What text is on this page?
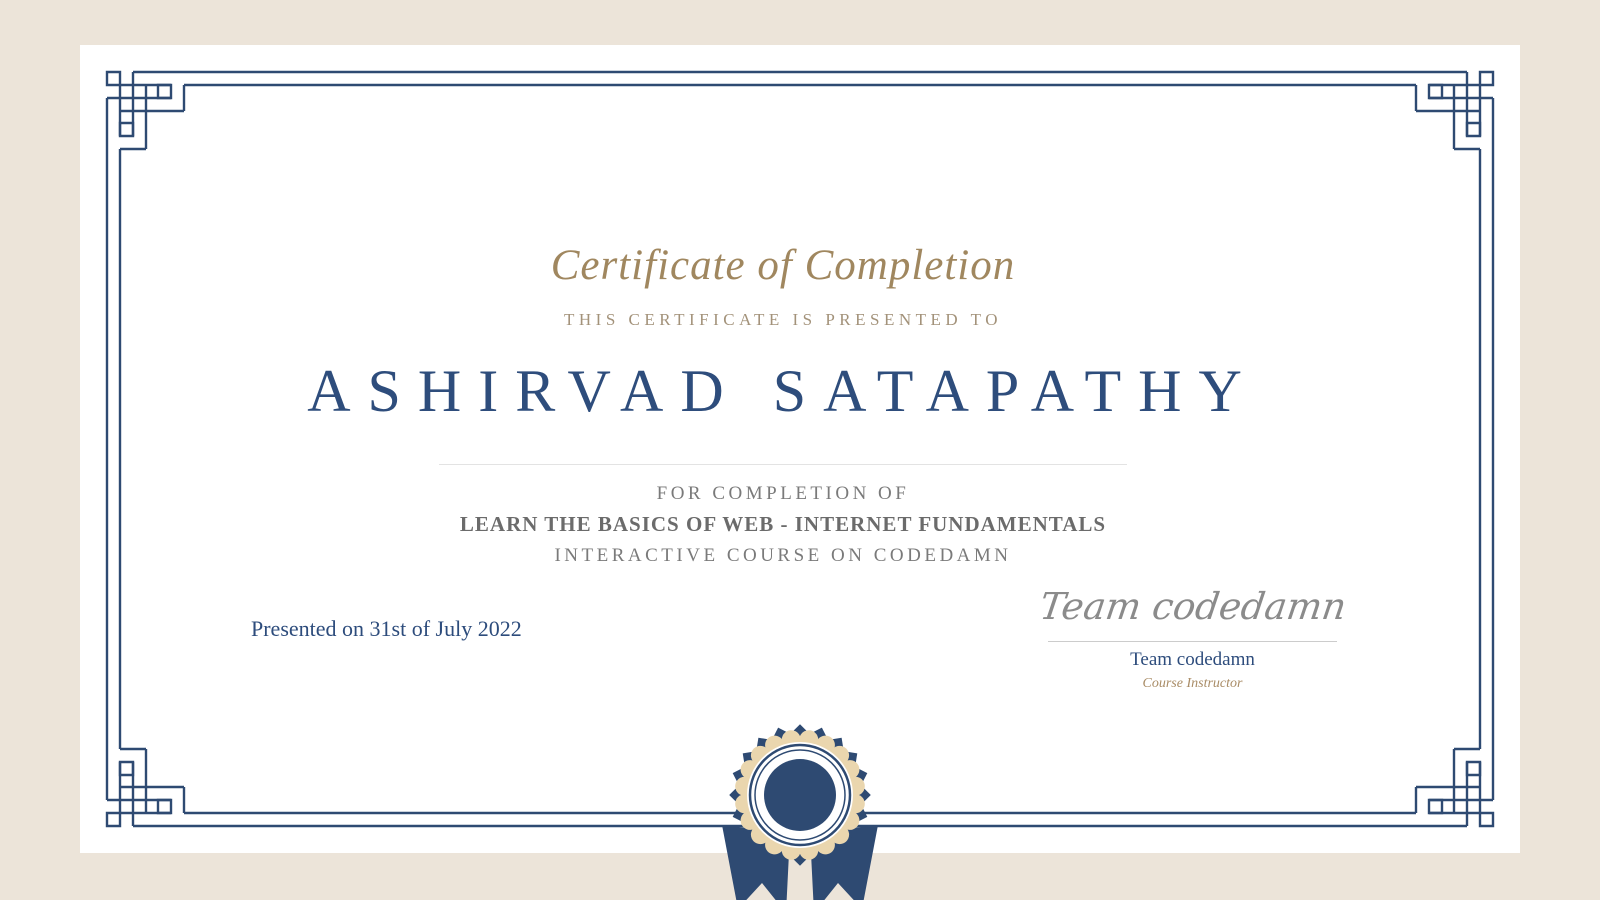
Certificate of Completion
THIS CERTIFICATE IS PRESENTED TO
ASHIRVAD SATAPATHY
FOR COMPLETION OF
LEARN THE BASICS OF WEB - INTERNET FUNDAMENTALS
INTERACTIVE COURSE ON CODEDAMN
Presented on 31st of July 2022
Team codedamn
Team codedamn
Course Instructor
